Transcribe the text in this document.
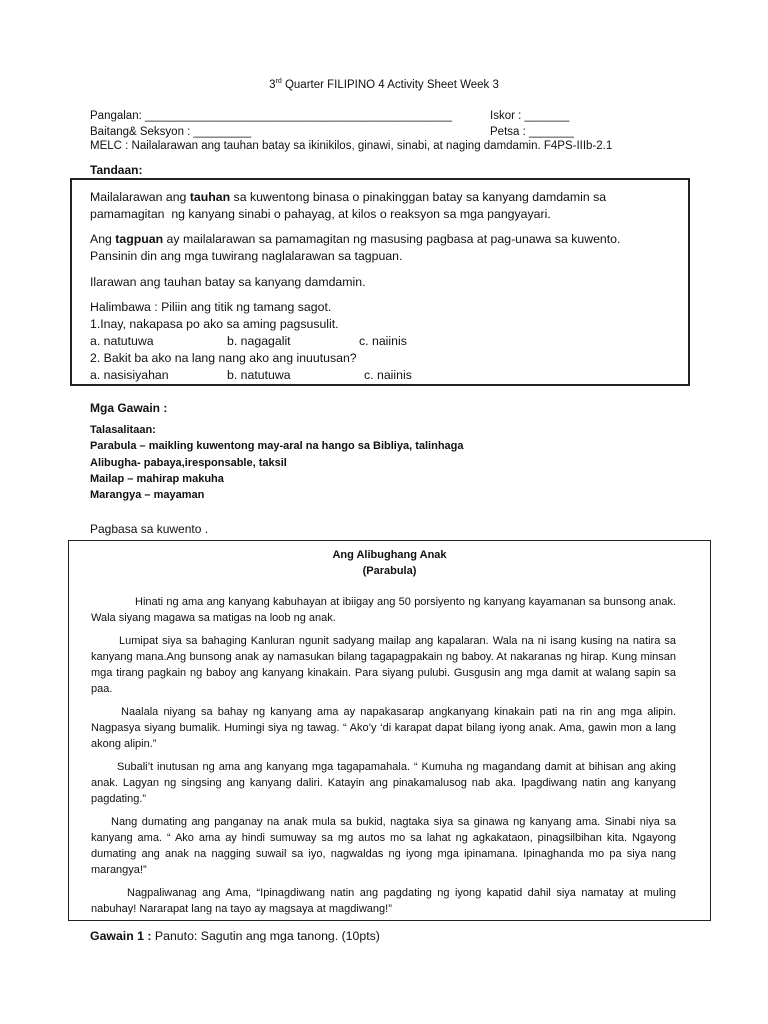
3rd Quarter FILIPINO 4 Activity Sheet Week 3
Pangalan: ________________________________________________	Iskor : _______
Baitang& Seksyon : _________	Petsa : _______
MELC : Nailalarawan ang tauhan batay sa ikinikilos, ginawi, sinabi, at naging damdamin. F4PS-IIIb-2.1
Tandaan:
Mailalarawan ang tauhan sa kuwentong binasa o pinakinggan batay sa kanyang damdamin sa
pamamagitan  ng kanyang sinabi o pahayag, at kilos o reaksyon sa mga pangyayari.
Ang tagpuan ay mailalarawan sa pamamagitan ng masusing pagbasa at pag-unawa sa kuwento.
Pansinin din ang mga tuwirang naglalarawan sa tagpuan.
Ilarawan ang tauhan batay sa kanyang damdamin.
Halimbawa : Piliin ang titik ng tamang sagot.
1.Inay, nakapasa po ako sa aming pagsusulit.
a. natutuwa	b. nagagalit	c. naiinis
2. Bakit ba ako na lang nang ako ang inuutusan?
a. nasisiyahan	b. natutuwa	c. naiinis
Mga Gawain :
Talasalitaan:
Parabula – maikling kuwentong may-aral na hango sa Bibliya, talinhaga
Alibugha- pabaya,iresponsable, taksil
Mailap – mahirap makuha
Marangya – mayaman
Pagbasa sa kuwento .
Ang Alibughang Anak
(Parabula)
Hinati ng ama ang kanyang kabuhayan at ibiigay ang 50 porsiyento ng kanyang kayamanan sa bunsong anak. Wala siyang magawa sa matigas na loob ng anak.
Lumipat siya sa bahaging Kanluran ngunit sadyang mailap ang kapalaran. Wala na ni isang kusing na natira sa kanyang mana.Ang bunsong anak ay namasukan bilang tagapagpakain ng baboy. At nakaranas ng hirap. Kung minsan mga tirang pagkain ng baboy ang kanyang kinakain. Para siyang pulubi. Gusgusin ang mga damit at walang sapin sa paa.
Naalala niyang sa bahay ng kanyang ama ay napakasarap angkanyang kinakain pati na rin ang mga alipin. Nagpasya siyang bumalik. Humingi siya ng tawag. “ Ako’y ‘di karapat dapat bilang iyong anak. Ama, gawin mon a lang akong alipin.”
Subali’t inutusan ng ama ang kanyang mga tagapamahala. “ Kumuha ng magandang damit at bihisan ang aking anak. Lagyan ng singsing ang kanyang daliri. Katayin ang pinakamalusog nab aka. Ipagdiwang natin ang kanyang pagdating.”
Nang dumating ang panganay na anak mula sa bukid, nagtaka siya sa ginawa ng kanyang ama. Sinabi niya sa kanyang ama. “ Ako ama ay hindi sumuway sa mg autos mo sa lahat ng agkakataon, pinagsilbihan kita. Ngayong dumating ang anak na nagging suwail sa iyo, nagwaldas ng iyong mga ipinamana. Ipinaghanda mo pa siya nang marangya!”
Nagpaliwanag ang Ama, “Ipinagdiwang natin ang pagdating ng iyong kapatid dahil siya namatay at muling nabuhay! Nararapat lang na tayo ay magsaya at magdiwang!”
Gawain 1 : Panuto: Sagutin ang mga tanong. (10pts)
